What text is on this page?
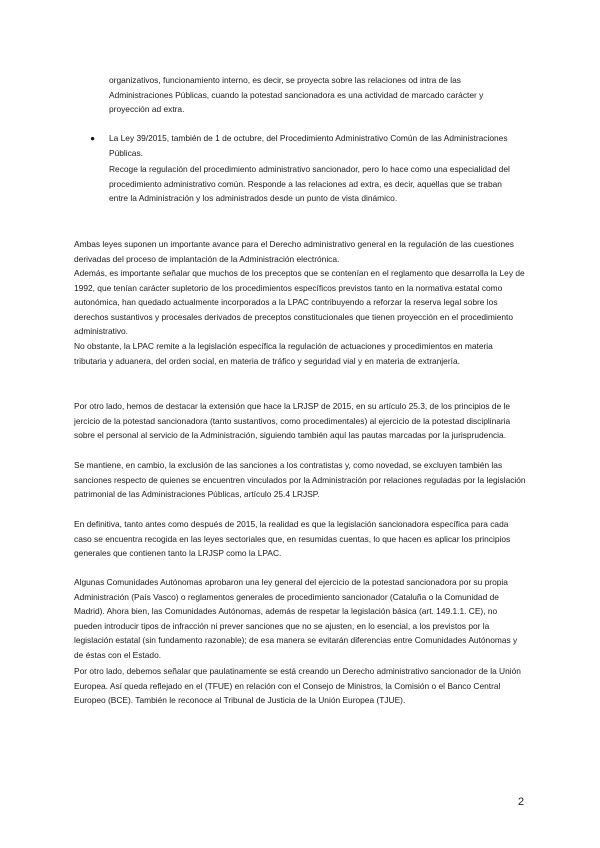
organizativos, funcionamiento interno, es decir, se proyecta sobre las relaciones od intra de las Administraciones Públicas, cuando la potestad sancionadora es una actividad de marcado carácter y proyección ad extra.

● La Ley 39/2015, también de 1 de octubre, del Procedimiento Administrativo Común de las Administraciones Públicas.

Recoge la regulación del procedimiento administrativo sancionador, pero lo hace como una especialidad del procedimiento administrativo común. Responde a las relaciones ad extra, es decir, aquellas que se traban entre la Administración y los administrados desde un punto de vista dinámico.

Ambas leyes suponen un importante avance para el Derecho administrativo general en la regulación de las cuestiones derivadas del proceso de implantación de la Administración electrónica.

Además, es importante señalar que muchos de los preceptos que se contenían en el reglamento que desarrolla la Ley de 1992, que tenían carácter supletorio de los procedimientos específicos previstos tanto en la normativa estatal como autonómica, han quedado actualmente incorporados a la LPAC contribuyendo a reforzar la reserva legal sobre los derechos sustantivos y procesales derivados de preceptos constitucionales que tienen proyección en el procedimiento administrativo.

No obstante, la LPAC remite a la legislación específica la regulación de actuaciones y procedimientos en materia tributaria y aduanera, del orden social, en materia de tráfico y seguridad vial y en materia de extranjería.

Por otro lado, hemos de destacar la extensión que hace la LRJSP de 2015, en su artículo 25.3, de los principios de le jercicio de la potestad sancionadora (tanto sustantivos, como procedimentales) al ejercicio de la potestad disciplinaria sobre el personal al servicio de la Administración, siguiendo también aquí las pautas marcadas por la jurisprudencia.

Se mantiene, en cambio, la exclusión de las sanciones a los contratistas y, como novedad, se excluyen también las sanciones respecto de quienes se encuentren vinculados por la Administración por relaciones reguladas por la legislación patrimonial de las Administraciones Públicas, artículo 25.4 LRJSP.

En definitiva, tanto antes como después de 2015, la realidad es que la legislación sancionadora específica para cada caso se encuentra recogida en las leyes sectoriales que, en resumidas cuentas, lo que hacen es aplicar los principios generales que contienen tanto la LRJSP como la LPAC.

Algunas Comunidades Autónomas aprobaron una ley general del ejercicio de la potestad sancionadora por su propia Administración (País Vasco) o reglamentos generales de procedimiento sancionador (Cataluña o la Comunidad de Madrid). Ahora bien, las Comunidades Autónomas, además de respetar la legislación básica (art. 149.1.1. CE), no pueden introducir tipos de infracción ni prever sanciones que no se ajusten, en lo esencial, a los previstos por la legislación estatal (sin fundamento razonable); de esa manera se evitarán diferencias entre Comunidades Autónomas y de éstas con el Estado.

Por otro lado, debemos señalar que paulatinamente se está creando un Derecho administrativo sancionador de la Unión Europea. Así queda reflejado en el (TFUE) en relación con el Consejo de Ministros, la Comisión o el Banco Central Europeo (BCE). También le reconoce al Tribunal de Justicia de la Unión Europea (TJUE).

2
